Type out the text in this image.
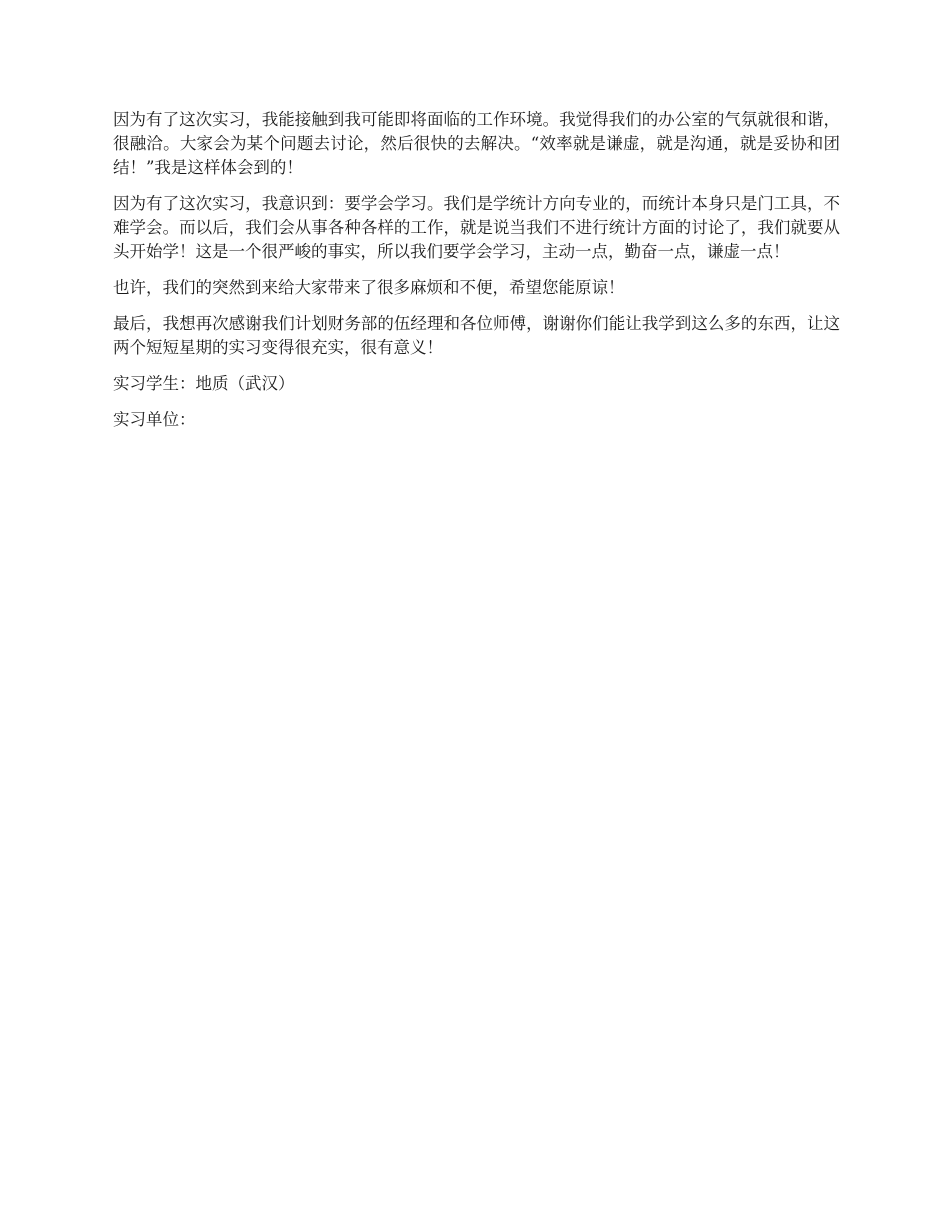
因为有了这次实习，我能接触到我可能即将面临的工作环境。我觉得我们的办公室的气氛就很和谐，很融洽。大家会为某个问题去讨论，然后很快的去解决。“效率就是谦虚，就是沟通，就是妥协和团结！”我是这样体会到的！

因为有了这次实习，我意识到：要学会学习。我们是学统计方向专业的，而统计本身只是门工具，不难学会。而以后，我们会从事各种各样的工作，就是说当我们不进行统计方面的讨论了，我们就要从头开始学！这是一个很严峻的事实，所以我们要学会学习，主动一点，勤奋一点，谦虚一点！

也许，我们的突然到来给大家带来了很多麻烦和不便，希望您能原谅！

最后，我想再次感谢我们计划财务部的伍经理和各位师傅，谢谢你们能让我学到这么多的东西，让这两个短短星期的实习变得很充实，很有意义！

实习学生：地质（武汉）

实习单位：
